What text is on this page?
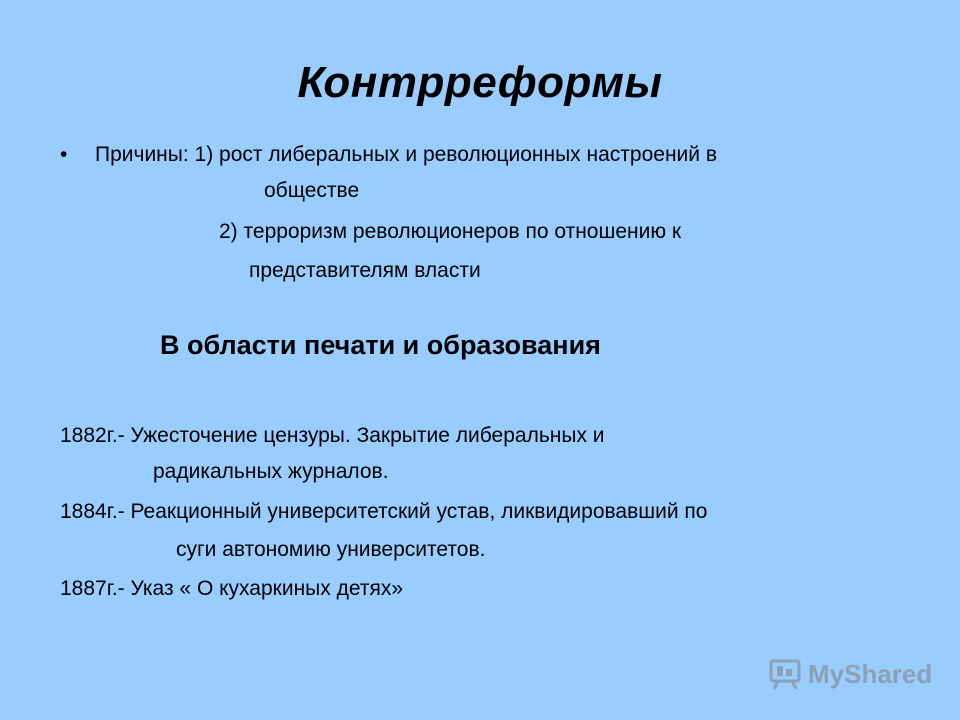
Контрреформы
• Причины: 1) рост либеральных и революционных настроений в
обществе
2) терроризм революционеров по отношению к
представителям власти
В области печати и образования
1882г.- Ужесточение цензуры. Закрытие либеральных и
радикальных журналов.
1884г.- Реакционный университетский устав, ликвидировавший по
суги автономию университетов.
1887г.- Указ « О кухаркиных детях»
MyShared
